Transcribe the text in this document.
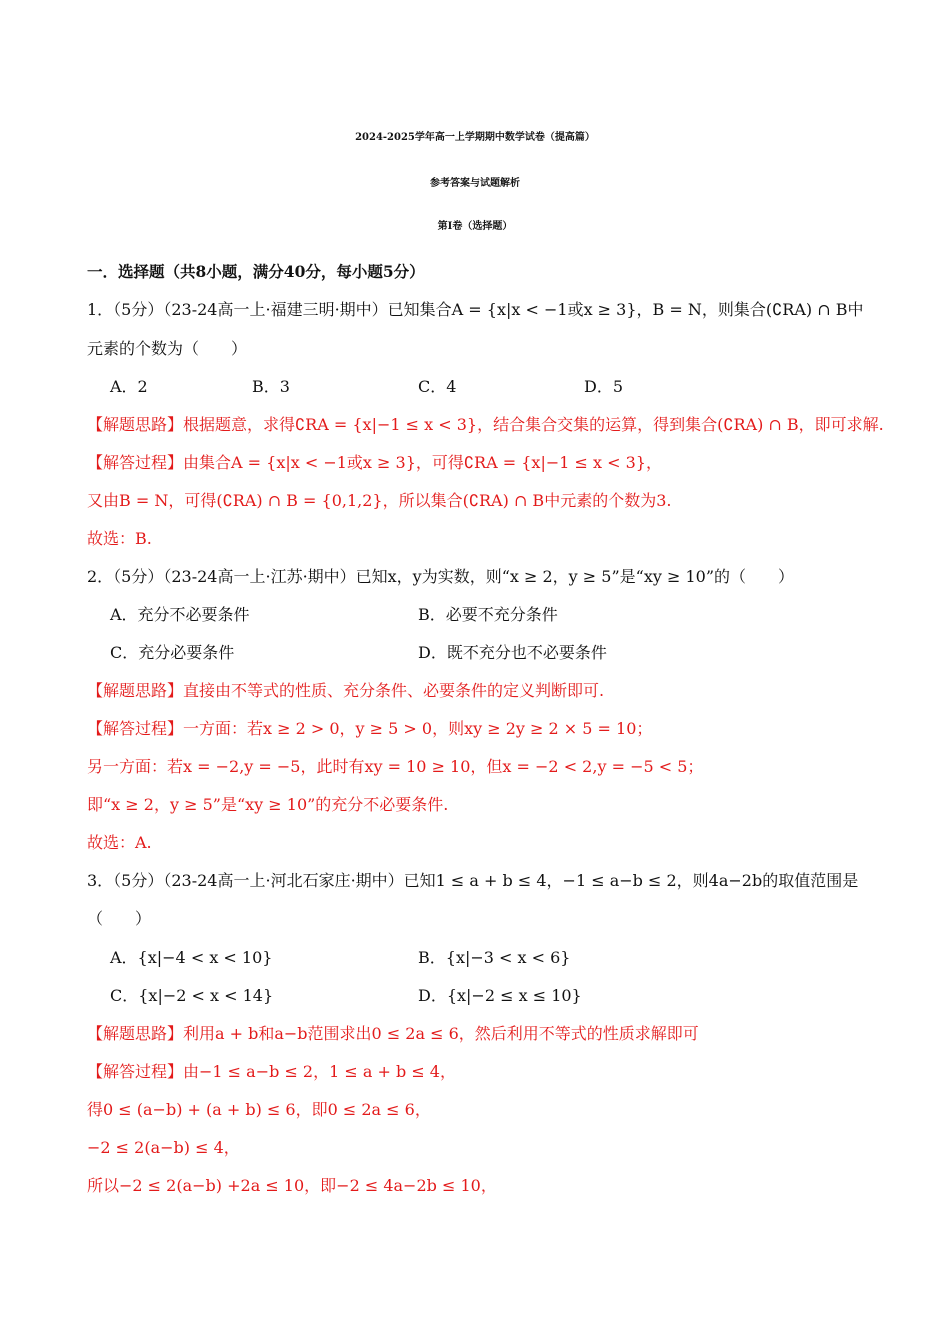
2024-2025学年高一上学期期中数学试卷（提高篇）
参考答案与试题解析
第I卷（选择题）
一．选择题（共8小题，满分40分，每小题5分）
1．（5分）（23-24高一上·福建三明·期中）已知集合A = {x|x < −1或x ≥ 3}，B = N，则集合(∁RA) ∩ B中
元素的个数为（　　）
A．2	B．3	C．4	D．5
【解题思路】根据题意，求得∁RA = {x|−1 ≤ x < 3}，结合集合交集的运算，得到集合(∁RA) ∩ B，即可求解.
【解答过程】由集合A = {x|x < −1或x ≥ 3}，可得∁RA = {x|−1 ≤ x < 3}，
又由B = N，可得(∁RA) ∩ B = {0,1,2}，所以集合(∁RA) ∩ B中元素的个数为3.
故选：B.
2．（5分）（23-24高一上·江苏·期中）已知x，y为实数，则“x ≥ 2，y ≥ 5”是“xy ≥ 10”的（　　）
A．充分不必要条件	B．必要不充分条件
C．充分必要条件	D．既不充分也不必要条件
【解题思路】直接由不等式的性质、充分条件、必要条件的定义判断即可.
【解答过程】一方面：若x ≥ 2 > 0，y ≥ 5 > 0，则xy ≥ 2y ≥ 2 × 5 = 10；
另一方面：若x = −2,y = −5，此时有xy = 10 ≥ 10，但x = −2 < 2,y = −5 < 5；
即“x ≥ 2，y ≥ 5”是“xy ≥ 10”的充分不必要条件.
故选：A.
3．（5分）（23-24高一上·河北石家庄·期中）已知1 ≤ a + b ≤ 4，−1 ≤ a−b ≤ 2，则4a−2b的取值范围是
（　　）
A．{x|−4 < x < 10}	B．{x|−3 < x < 6}
C．{x|−2 < x < 14}	D．{x|−2 ≤ x ≤ 10}
【解题思路】利用a + b和a−b范围求出0 ≤ 2a ≤ 6，然后利用不等式的性质求解即可
【解答过程】由−1 ≤ a−b ≤ 2，1 ≤ a + b ≤ 4，
得0 ≤ (a−b) + (a + b) ≤ 6，即0 ≤ 2a ≤ 6，
−2 ≤ 2(a−b) ≤ 4，
所以−2 ≤ 2(a−b) +2a ≤ 10，即−2 ≤ 4a−2b ≤ 10，
